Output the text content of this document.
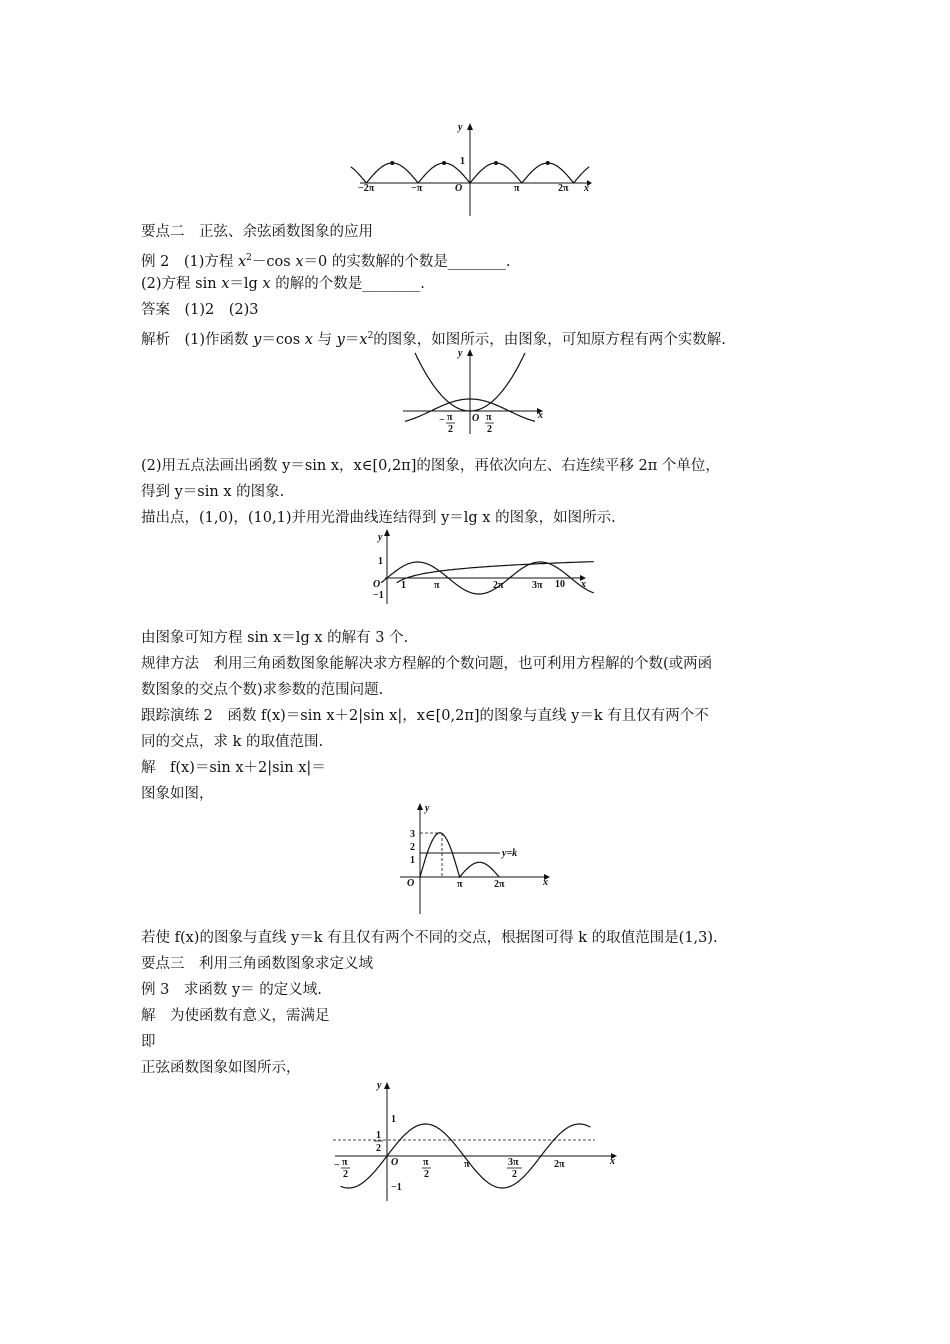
y
x
1
O
−2π	−π	π	2π
要点二　正弦、余弦函数图象的应用
例 2　(1)方程 $x^2-\cos$ x＝0 的实数解的个数是________.
(2)方程 sin x＝lg x 的解的个数是________.
答案　(1)2　(2)3
解析　(1)作函数 y＝cos x 与 $y=x^2$的图象，如图所示，由图象，可知原方程有两个实数解.
y
x
O
− π
2
π
2
(2)用五点法画出函数 y＝sin x，x∈[0,2π]的图象，再依次向左、右连续平移 2π 个单位，
得到 y＝sin x 的图象.
描出点，(1,0)，(10,1)并用光滑曲线连结得到 y＝lg x 的图象，如图所示.
y
x
1
−1
O 1	π	2π	3π 10
由图象可知方程 sin x＝lg x 的解有 3 个.
规律方法　利用三角函数图象能解决求方程解的个数问题，也可利用方程解的个数(或两函
数图象的交点个数)求参数的范围问题.
跟踪演练 2　函数 f(x)＝sin x＋2|sin x|，x∈[0,2π]的图象与直线 y＝k 有且仅有两个不
同的交点，求 k 的取值范围.
解　f(x)＝sin x＋2|sin x|＝
图象如图，
y
x
O
3
2
1
π	2π
y=k
若使 f(x)的图象与直线 y＝k 有且仅有两个不同的交点，根据图可得 k 的取值范围是(1,3).
要点三　利用三角函数图象求定义域
例 3　求函数 y＝ 的定义域.
解　为使函数有意义，需满足
即
正弦函数图象如图所示，
y
x
1
−1
O
1
2
− π
2
π
2
π	3π
2
2π
